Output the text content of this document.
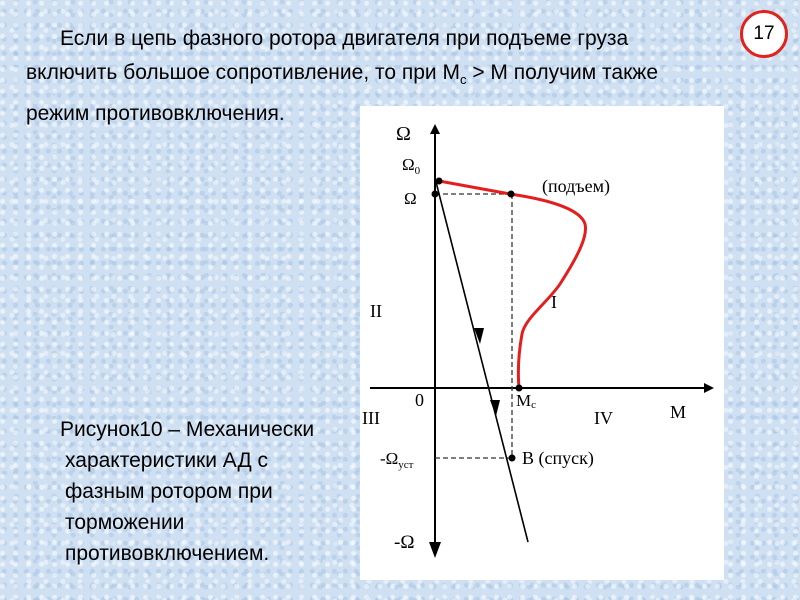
Если в цепь фазного ротора двигателя при подъеме груза
включить большое сопротивление, то при $М_с > М$ получим также
режим противовключения.
17
Ω
$\Omega_0$
Ω
(подъем)
I
II
0	Mc	M
III	IV
$-\Omega_{уст}$	В (спуск)
-Ω
Рисунок10 – Механически
характеристики АД с
фазным ротором при
торможении
противовключением.
